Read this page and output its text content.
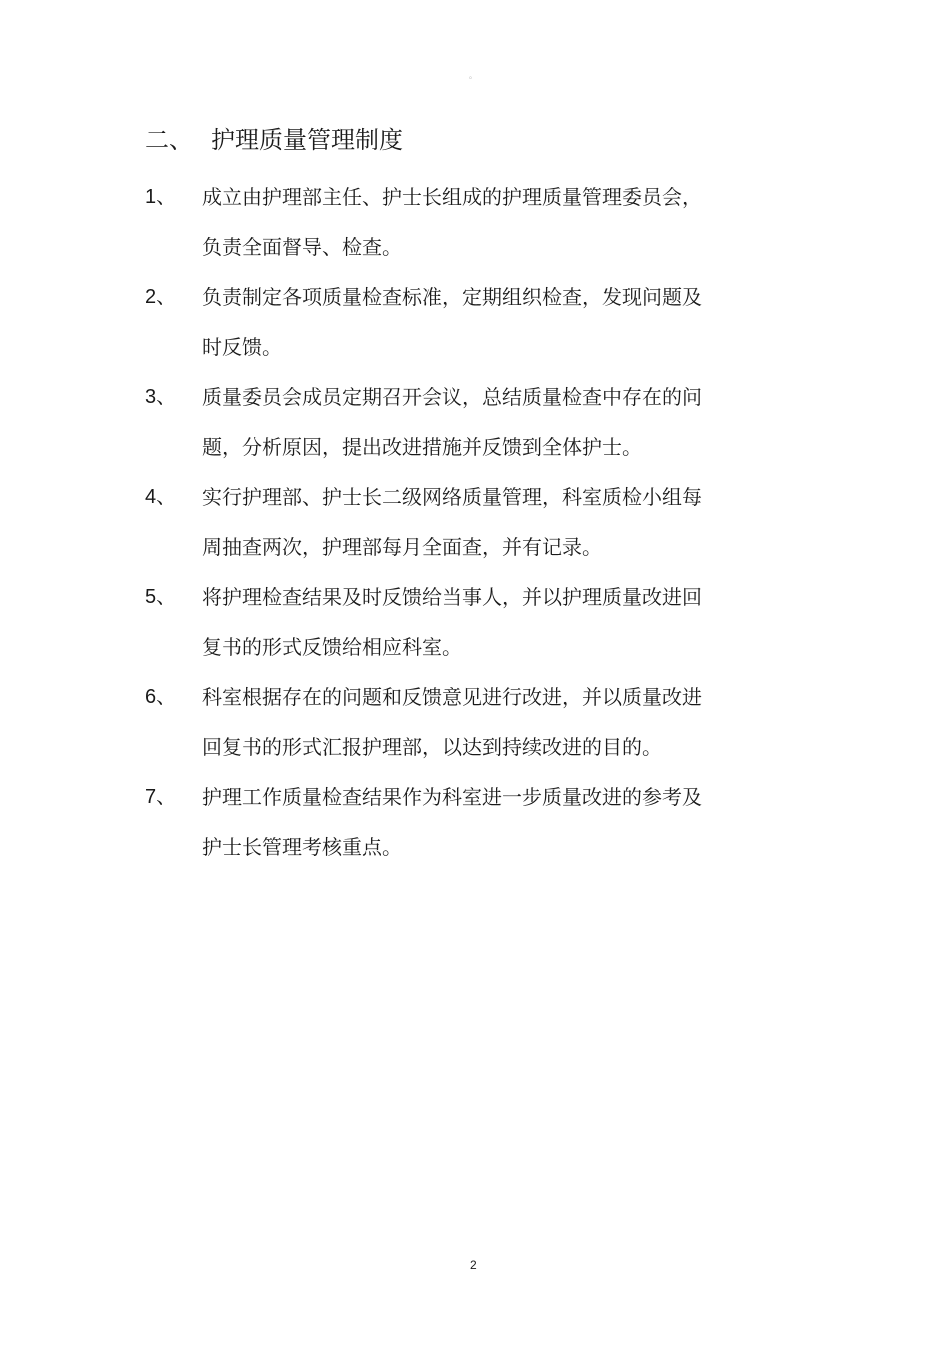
。
二、 护理质量管理制度
1、 成立由护理部主任、护士长组成的护理质量管理委员会，
负责全面督导、检查。
2、 负责制定各项质量检查标准，定期组织检查，发现问题及
时反馈。
3、 质量委员会成员定期召开会议，总结质量检查中存在的问
题，分析原因，提出改进措施并反馈到全体护士。
4、 实行护理部、护士长二级网络质量管理，科室质检小组每
周抽查两次，护理部每月全面查，并有记录。
5、 将护理检查结果及时反馈给当事人，并以护理质量改进回
复书的形式反馈给相应科室。
6、 科室根据存在的问题和反馈意见进行改进，并以质量改进
回复书的形式汇报护理部，以达到持续改进的目的。
7、 护理工作质量检查结果作为科室进一步质量改进的参考及
护士长管理考核重点。
2
